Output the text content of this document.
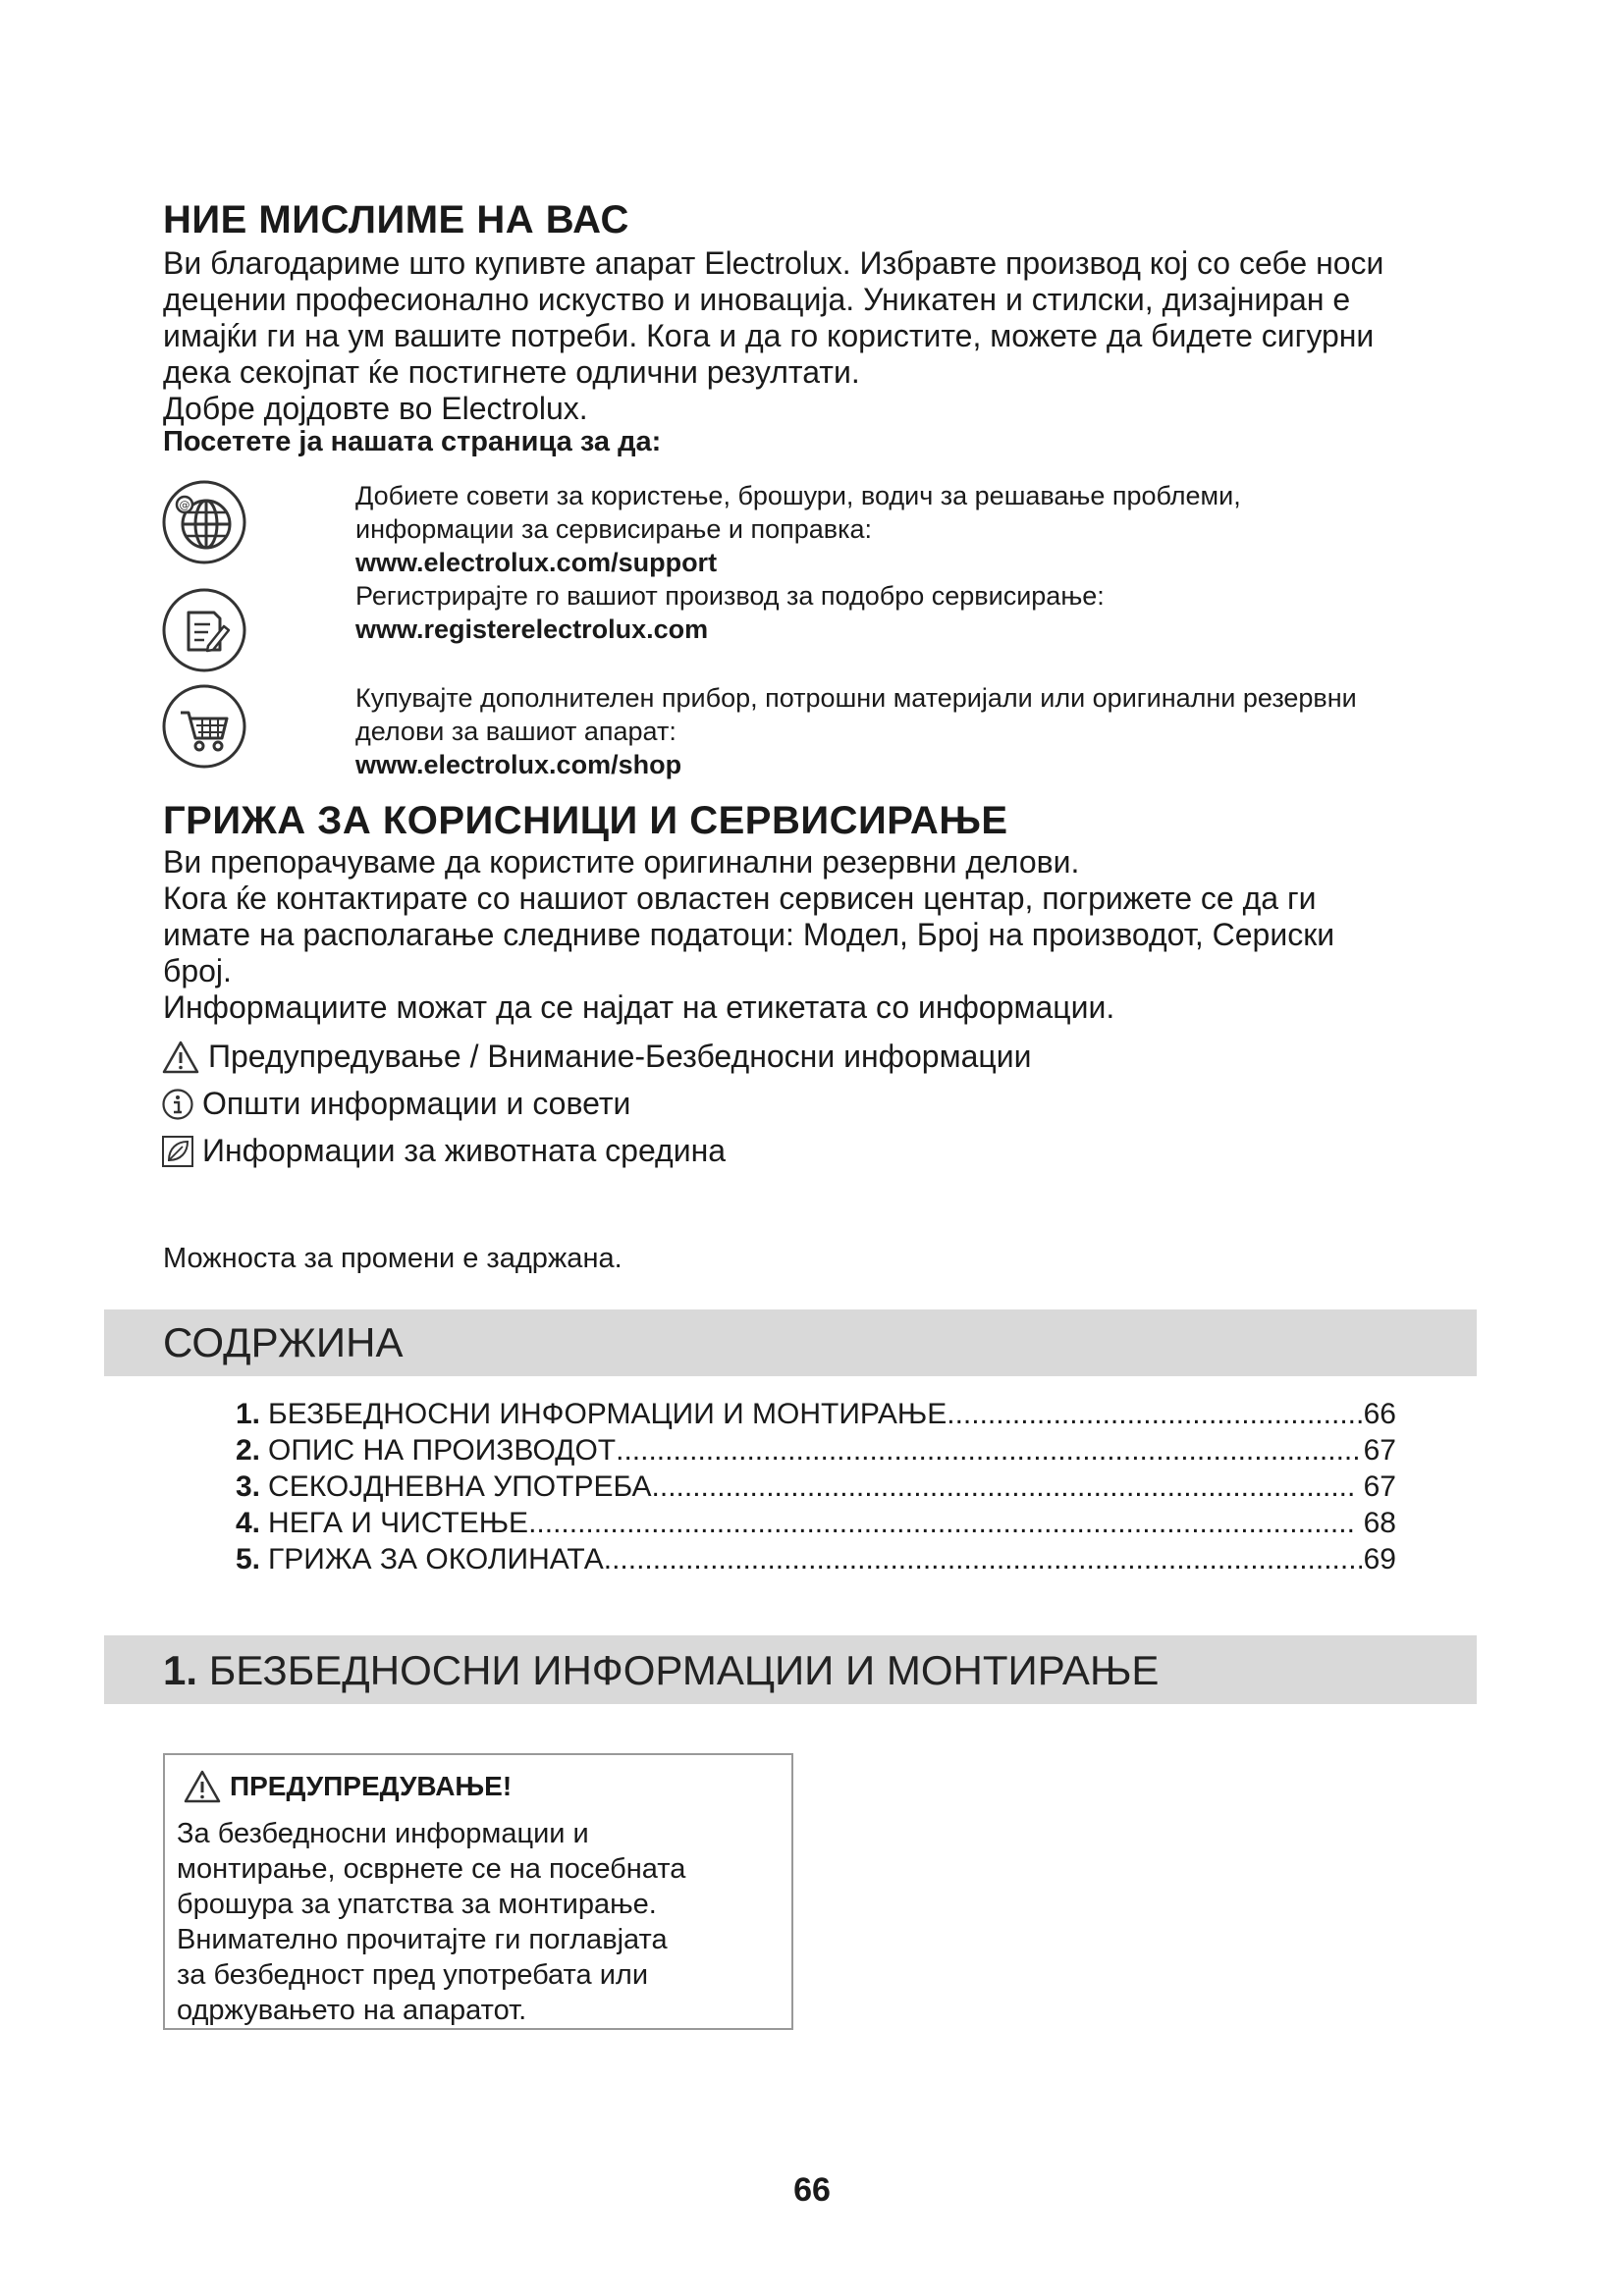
НИЕ МИСЛИМЕ НА ВАС
Ви благодариме што купивте апарат Electrolux. Избравте производ кој со себе носи
децении професионално искуство и иновација. Уникатен и стилски, дизајниран е
имајќи ги на ум вашите потреби. Кога и да го користите, можете да бидете сигурни
дека секојпат ќе постигнете одлични резултати.
Добре дојдовте во Electrolux.
Посетете ја нашата страница за да:
@	Добиете совети за користење, брошури, водич за решавање проблеми,
информации за сервисирање и поправка:
www.electrolux.com/support
Регистрирајте го вашиот производ за подобро сервисирање:
www.registerelectrolux.com
Купувајте дополнителен прибор, потрошни материјали или оригинални резервни
делови за вашиот апарат:
www.electrolux.com/shop
ГРИЖА ЗА КОРИСНИЦИ И СЕРВИСИРАЊЕ
Ви препорачуваме да користите оригинални резервни делови.
Кога ќе контактирате со нашиот овластен сервисен центар, погрижете се да ги
имате на располагање следниве податоци: Модел, Број на производот, Сериски
број.
Информациите можат да се најдат на етикетата со информации.
Предупредување / Внимание-Безбедносни информации
Општи информации и совети
Информации за животната средина
Можноста за промени е задржана.
СОДРЖИНА
1. БЕЗБЕДНОСНИ ИНФОРМАЦИИ И МОНТИРАЊЕ .....	66
2. ОПИС НА ПРОИЗВОДОТ .....	67
3. СЕКОЈДНЕВНА УПОТРЕБА .....	67
4. НЕГА И ЧИСТЕЊЕ .....	68
5. ГРИЖА ЗА ОКОЛИНАТА .....	69
1. БЕЗБЕДНОСНИ ИНФОРМАЦИИ И МОНТИРАЊЕ
ПРЕДУПРЕДУВАЊЕ!
За безбедносни информации и
монтирање, осврнете се на посебната
брошура за упатства за монтирање.
Внимателно прочитајте ги поглавјата
за безбедност пред употребата или
одржувањето на апаратот.
66
